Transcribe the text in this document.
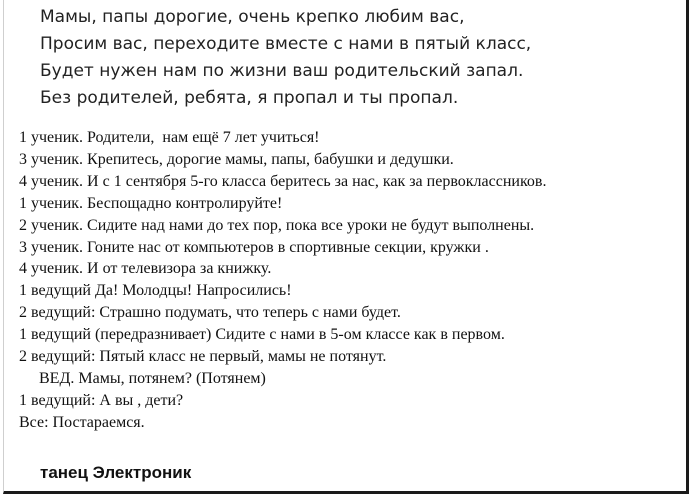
Мамы, папы дорогие, очень крепко любим вас,
Просим вас, переходите вместе с нами в пятый класс,
Будет нужен нам по жизни ваш родительский запал.
Без родителей, ребята, я пропал и ты пропал.
1 ученик. Родители,  нам ещё 7 лет учиться!
3 ученик. Крепитесь, дорогие мамы, папы, бабушки и дедушки.
4 ученик. И с 1 сентября 5-го класса беритесь за нас, как за первоклассников.
1 ученик. Беспощадно контролируйте!
2 ученик. Сидите над нами до тех пор, пока все уроки не будут выполнены.
3 ученик. Гоните нас от компьютеров в спортивные секции, кружки .
4 ученик. И от телевизора за книжку.
1 ведущий Да! Молодцы! Напросились!
2 ведущий: Страшно подумать, что теперь с нами будет.
1 ведущий (передразнивает) Сидите с нами в 5-ом классе как в первом.
2 ведущий: Пятый класс не первый, мамы не потянут.
ВЕД. Мамы, потянем? (Потянем)
1 ведущий: А вы , дети?
Все: Постараемся.
танец Электроник
